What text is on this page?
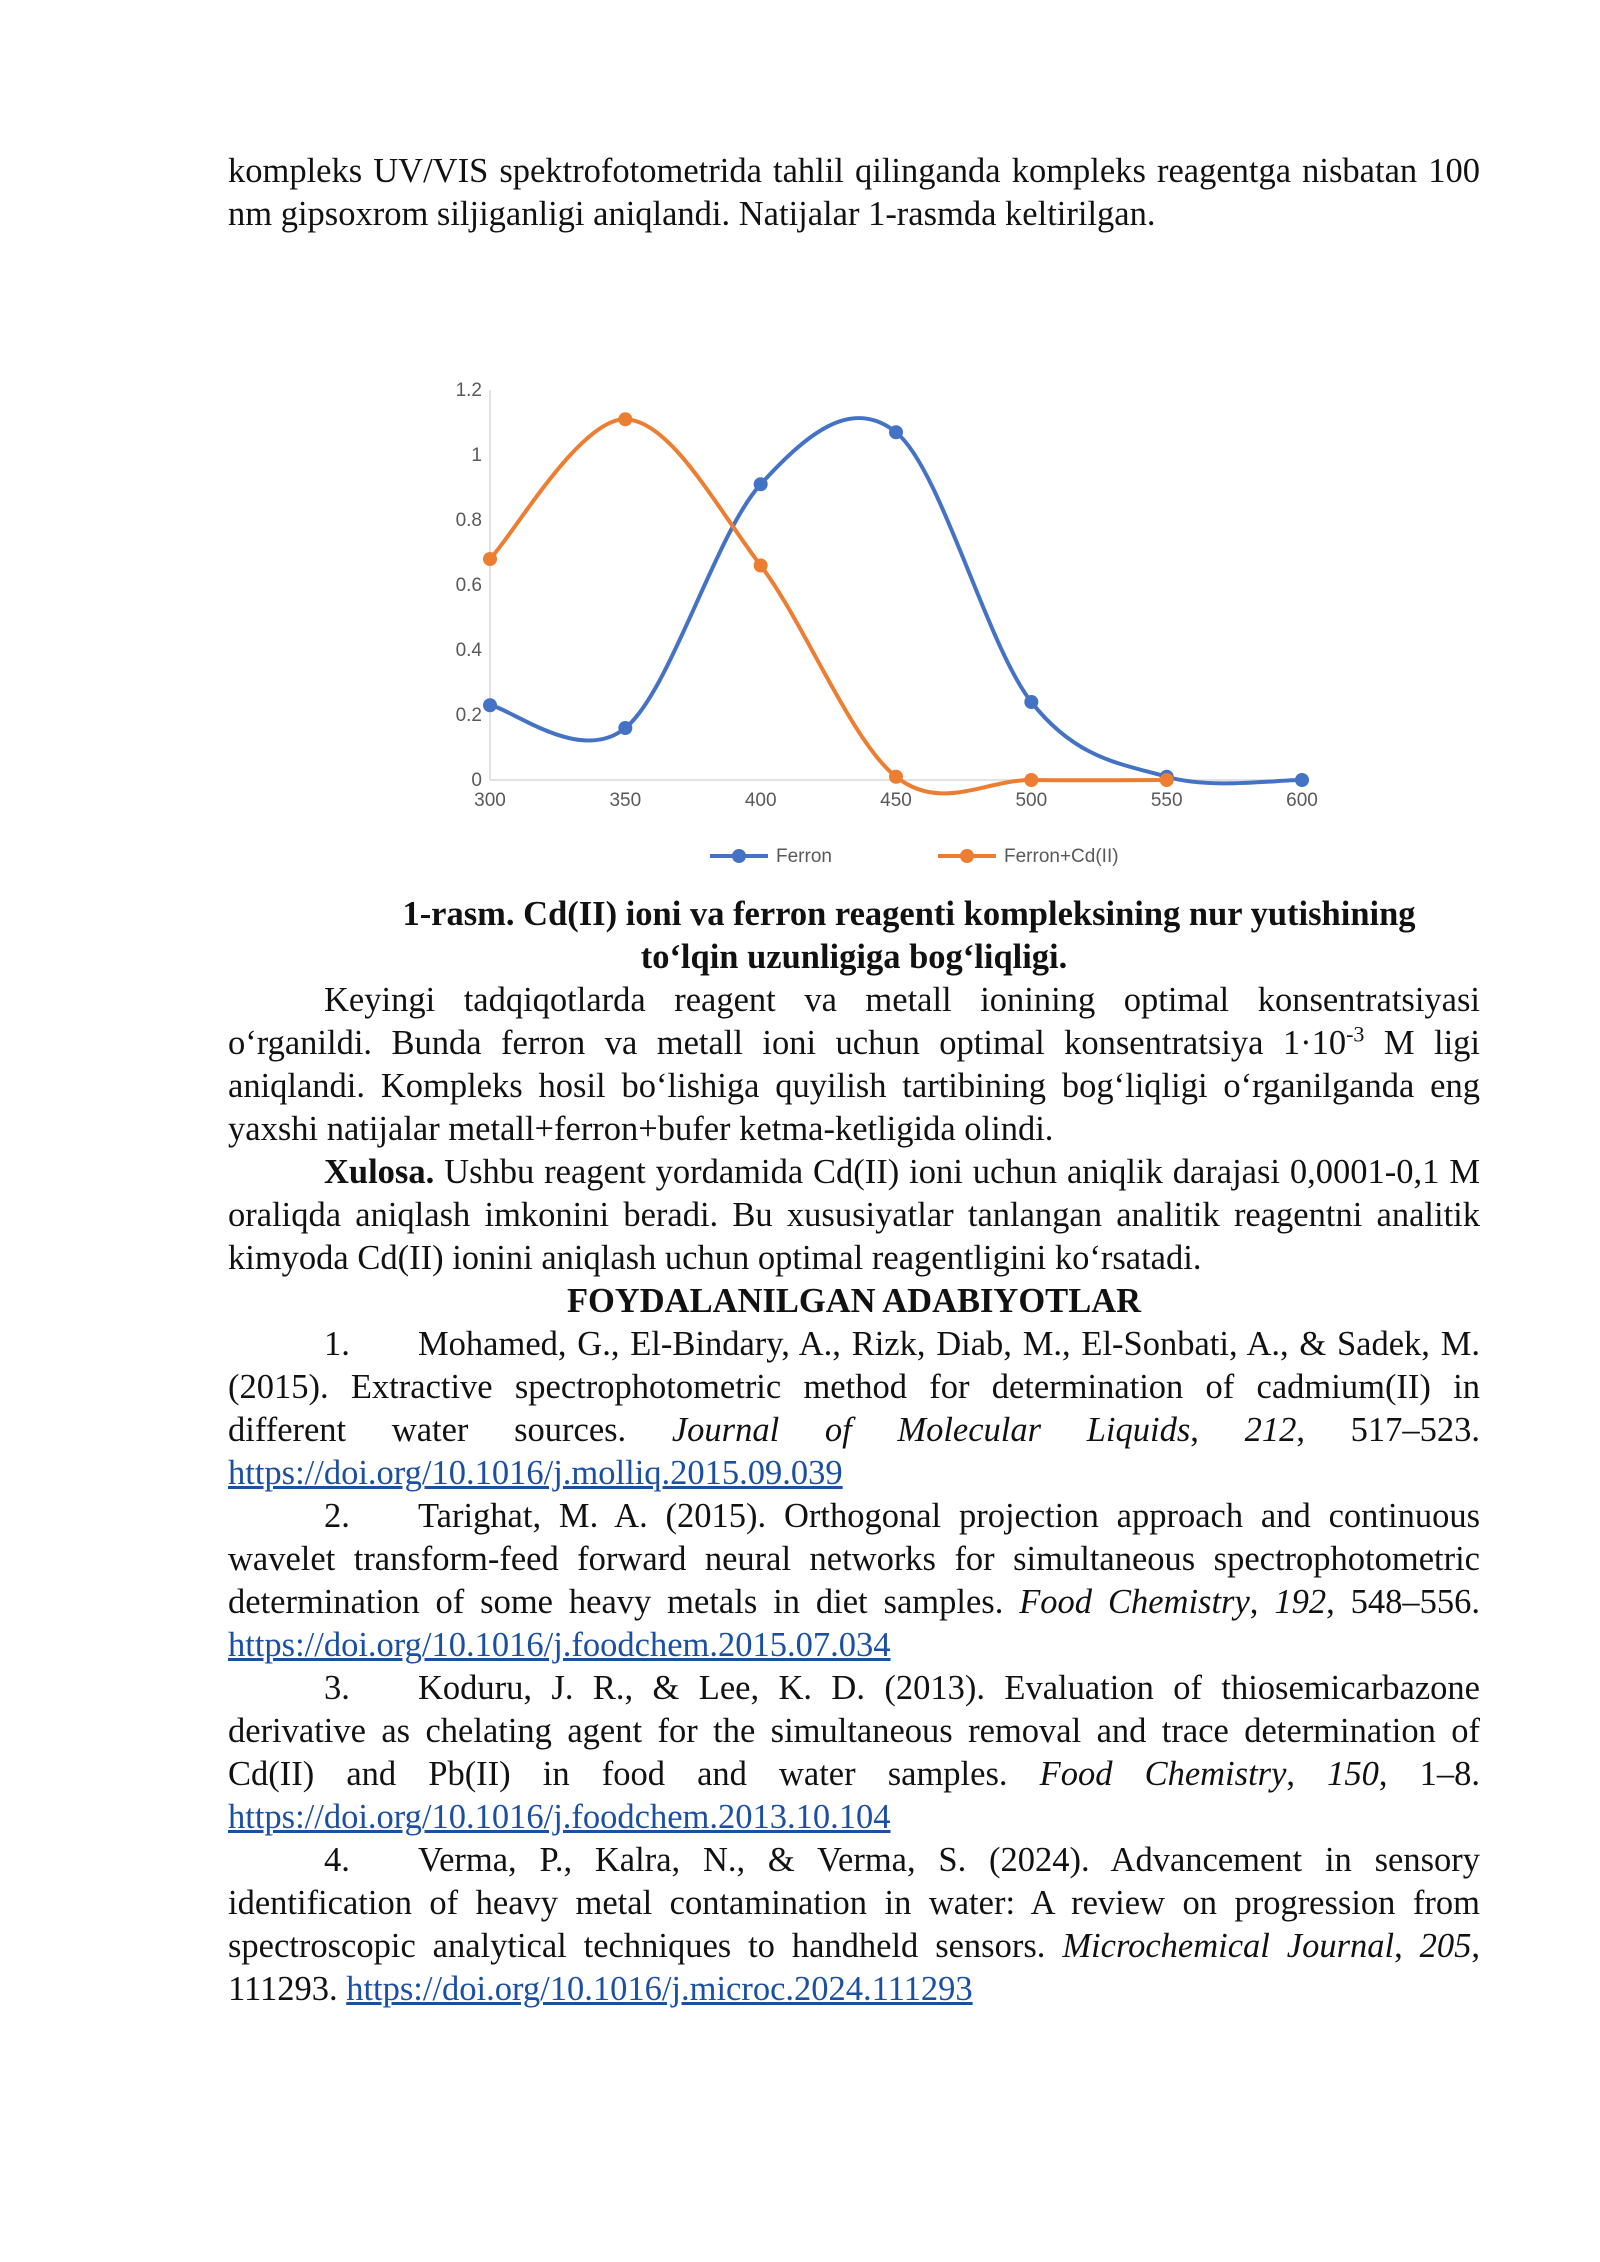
kompleks UV/VIS spektrofotometrida tahlil qilinganda kompleks reagentga nisbatan 100 nm gipsoxrom siljiganligi aniqlandi. Natijalar 1-rasmda keltirilgan.

0
0.2
0.4
0.6
0.8
1
1.2
300	350	400	450	500	550	600
Ferron	Ferron+Cd(II)
1-rasm. Cd(II) ioni va ferron reagenti kompleksining nur yutishining
to‘lqin uzunligiga bog‘liqligi.

Keyingi tadqiqotlarda reagent va metall ionining optimal konsentratsiyasi o‘rganildi. Bunda ferron va metall ioni uchun optimal konsentratsiya $1\cdot 10^{-3}$ M ligi aniqlandi. Kompleks hosil bo‘lishiga quyilish tartibining bog‘liqligi o‘rganilganda eng yaxshi natijalar metall+ferron+bufer ketma-ketligida olindi.

Xulosa. Ushbu reagent yordamida Cd(II) ioni uchun aniqlik darajasi 0,0001-0,1 M oraliqda aniqlash imkonini beradi. Bu xususiyatlar tanlangan analitik reagentni analitik kimyoda Cd(II) ionini aniqlash uchun optimal reagentligini ko‘rsatadi.

FOYDALANILGAN ADABIYOTLAR

1. Mohamed, G., El-Bindary, A., Rizk, Diab, M., El-Sonbati, A., & Sadek, M. (2015). Extractive spectrophotometric method for determination of cadmium(II) in different water sources. Journal of Molecular Liquids, 212, 517–523. https://doi.org/10.1016/j.molliq.2015.09.039

2. Tarighat, M. A. (2015). Orthogonal projection approach and continuous wavelet transform-feed forward neural networks for simultaneous spectrophotometric determination of some heavy metals in diet samples. Food Chemistry, 192, 548–556. https://doi.org/10.1016/j.foodchem.2015.07.034

3. Koduru, J. R., & Lee, K. D. (2013). Evaluation of thiosemicarbazone derivative as chelating agent for the simultaneous removal and trace determination of Cd(II) and Pb(II) in food and water samples. Food Chemistry, 150, 1–8. https://doi.org/10.1016/j.foodchem.2013.10.104

4. Verma, P., Kalra, N., & Verma, S. (2024). Advancement in sensory identification of heavy metal contamination in water: A review on progression from spectroscopic analytical techniques to handheld sensors. Microchemical Journal, 205, 111293. https://doi.org/10.1016/j.microc.2024.111293
